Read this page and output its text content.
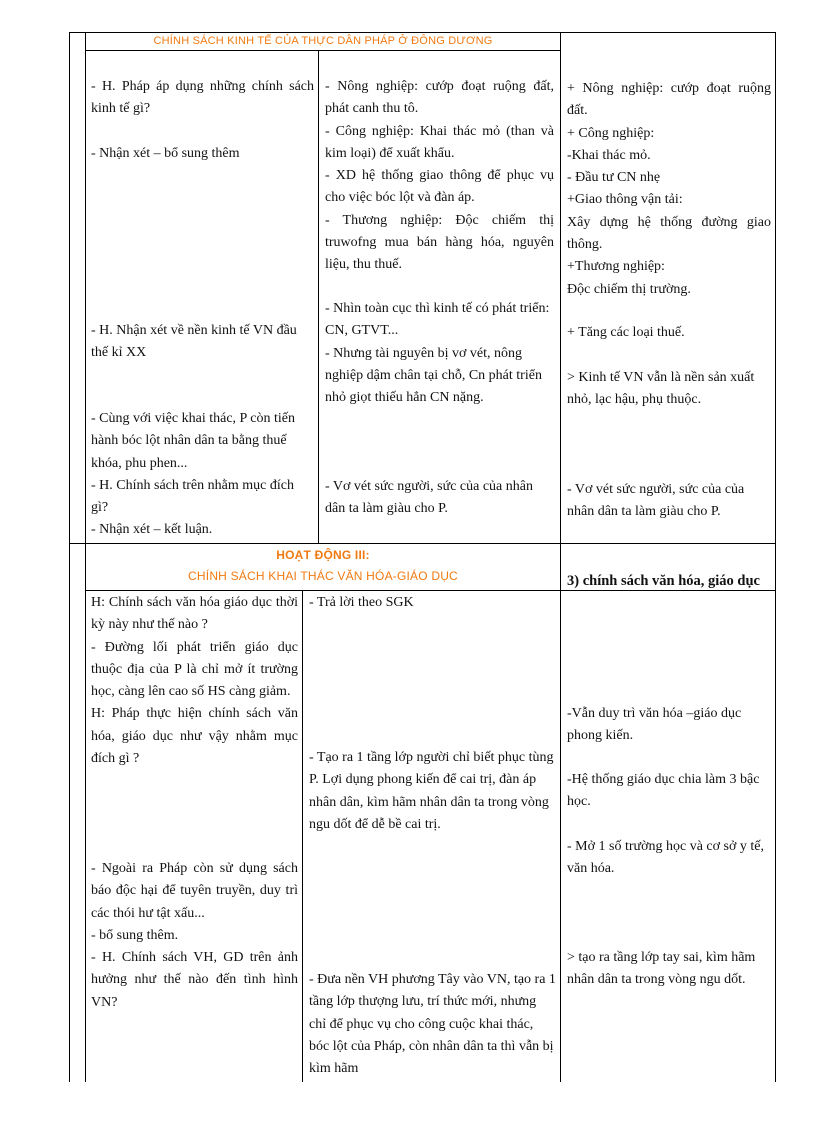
CHÍNH SÁCH KINH TẾ CỦA THỰC DÂN PHÁP Ở ĐÔNG DƯƠNG

- H. Pháp áp dụng những chính sách kinh tế gì?

- Nhận xét – bổ sung thêm

- H. Nhận xét về nền kinh tế VN đầu thế kỉ XX

- Cùng với việc khai thác, P còn tiến hành bóc lột nhân dân ta bằng thuế khóa, phu phen...

- H. Chính sách trên nhằm mục đích gì?

- Nhận xét – kết luận.

- Nông nghiệp: cướp đoạt ruộng đất, phát canh thu tô.

- Công nghiệp: Khai thác mỏ (than và kim loại) để xuất khẩu.

- XD hệ thống giao thông để phục vụ cho việc bóc lột và đàn áp.

- Thương nghiệp: Độc chiếm thị truwofng mua bán hàng hóa, nguyên liệu, thu thuế.

- Nhìn toàn cục thì kinh tế có phát triển: CN, GTVT...

- Nhưng tài nguyên bị vơ vét, nông nghiệp dậm chân tại chỗ, Cn phát triển nhỏ giọt thiếu hẳn CN nặng.

- Vơ vét sức người, sức của của nhân dân ta làm giàu cho P.

+ Nông nghiệp: cướp đoạt ruộng đất.

+ Công nghiệp:

-Khai thác mỏ.

- Đầu tư CN nhẹ

+Giao thông vận tải:

Xây dựng hệ thống đường giao thông.

+Thương nghiệp:

Độc chiếm thị trường.

+ Tăng các loại thuế.

> Kinh tế VN vẫn là nền sản xuất nhỏ, lạc hậu, phụ thuộc.

- Vơ vét sức người, sức của của nhân dân ta làm giàu cho P.

HOẠT ĐỘNG III:
CHÍNH SÁCH KHAI THÁC VĂN HÓA-GIÁO DỤC	3) chính sách văn hóa, giáo dục

H: Chính sách văn hóa giáo dục thời kỳ này như thế nào ?

- Đường lối phát triển giáo dục thuộc địa của P là chỉ mở ít trường học, càng lên cao số HS càng giảm.

H: Pháp thực hiện chính sách văn hóa, giáo dục như vậy nhằm mục đích gì ?

- Ngoài ra Pháp còn sử dụng sách báo độc hại để tuyên truyền, duy trì các thói hư tật xấu...

- bổ sung thêm.

- H. Chính sách VH, GD trên ảnh hưởng như thế nào đến tình hình VN?

- Trả lời theo SGK

- Tạo ra 1 tầng lớp người chỉ biết phục tùng P. Lợi dụng phong kiến để cai trị, đàn áp nhân dân, kìm hãm nhân dân ta trong vòng ngu dốt để dễ bề cai trị.

- Đưa nền VH phương Tây vào VN, tạo ra 1 tầng lớp thượng lưu, trí thức mới, nhưng chỉ để phục vụ cho công cuộc khai thác, bóc lột của Pháp, còn nhân dân ta thì vẫn bị kìm hãm

-Vẫn duy trì văn hóa –giáo dục phong kiến.

-Hệ thống giáo dục chia làm 3 bậc học.

- Mở 1 số trường học và cơ sở y tế, văn hóa.

> tạo ra tầng lớp tay sai, kìm hãm nhân dân ta trong vòng ngu dốt.
